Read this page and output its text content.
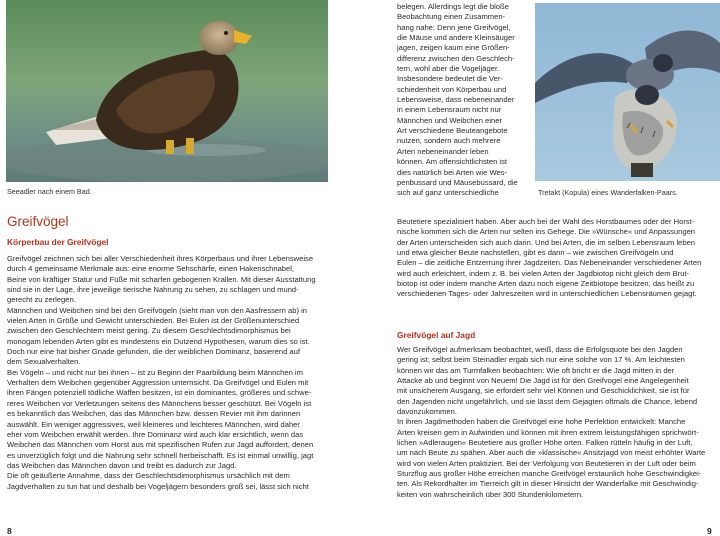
Seeadler nach einem Bad.
Greifvögel
Körperbau der Greifvögel
Greifvögel zeichnen sich bei aller Verschiedenheit ihres Körperbaus und ihrer Lebensweise
durch 4 gemeinsame Merkmale aus: eine enorme Sehschärfe, einen Hakenschnabel,
Beine von kräftiger Statur und Füße mit scharfen gebogenen Krallen. Mit dieser Ausstattung
sind sie in der Lage, ihre jeweilige tierische Nahrung zu sehen, zu schlagen und mund-
gerecht zu zerlegen.
Männchen und Weibchen sind bei den Greifvögeln (sieht man von den Aasfressern ab) in
vielen Arten in Größe und Gewicht unterschieden. Bei Eulen ist der Größenunterschied
zwischen den Geschlechtern meist gering. Zu diesem Geschlechtsdimorphismus bei
monogam lebenden Arten gibt es mindestens ein Dutzend Hypothesen, warum dies so ist.
Doch nur eine hat bisher Gnade gefunden, die der weiblichen Dominanz, basierend auf
dem Sexualverhalten.
Bei Vögeln – und nicht nur bei ihnen – ist zu Beginn der Paarbildung beim Männchen im
Verhalten dem Weibchen gegenüber Aggression unternsicht. Da Greifvögel und Eulen mit
ihren Fängen potenziell tödliche Waffen besitzen, ist ein dominantes, größeres und schwe-
reres Weibchen vor Verletzungen seitens des Männchens besser geschützt. Bei Vögeln ist
es bekanntlich das Weibchen, das das Männchen bzw. dessen Revier mit ihm darinnen
auswählt. Ein weniger aggressives, weil kleineres und leichteres Männchen, wird daher
eher vom Weibchen erwählt werden. Ihre Dominanz wird auch klar ersichtlich, wenn das
Weibchen das Männchen vom Horst aus mit spezifischen Rufen zur Jagd auffordert, denen
es unverzüglich folgt und die Nahrung sehr schnell herbeischafft. Es ist einmal unwillig, jagt
das Weibchen das Männchen davon und treibt es dadurch zur Jagd.
Die oft geäußerte Annahme, dass der Geschlechtsdimorphismus ursächlich mit dem
Jagdverhalten zu tun hat und deshalb bei Vogeljägern besonders groß sei, lässt sich nicht
8
belegen. Allerdings legt die bloße
Beobachtung einen Zusammen-
hang nahe: Denn jene Greifvögel,
die Mäuse und andere Kleinsäuger
jagen, zeigen kaum eine Größen-
differenz zwischen den Geschlech-
tern, wohl aber die Vogeljäger.
Insbesondere bedeutet die Ver-
schiedenheit von Körperbau und
Lebensweise, dass nebeneinander
in einem Lebensraum nicht nur
Männchen und Weibchen einer
Art verschiedene Beuteangebote
nutzen, sondern auch mehrere
Arten nebeneinander leben
können. Am offensichtlichsten ist
dies natürlich bei Arten wie Wes-
penbussard und Mäusebussard, die
sich auf ganz unterschiedliche	Tretakt (Kopula) eines Wanderfalken-Paars.
Beutetiere spezialisiert haben. Aber auch bei der Wahl des Horstbaumes oder der Horst-
nische kommen sich die Arten nur selten ins Gehege. Die »Wünsche« und Anpassungen
der Arten unterscheiden sich auch darin. Und bei Arten, die im selben Lebensraum leben
und etwa gleicher Beute nachstellen, gibt es dann – wie zwischen Greifvögeln und
Eulen – die zeitliche Entzerrung ihrer Jagdzeiten. Das Nebeneinander verschiedener Arten
wird auch erleichtert, indem z. B. bei vielen Arten der Jagdbiotop nicht gleich dem Brut-
biotop ist oder indem manche Arten dazu noch eigene Zeitbiotope besitzen, das heißt zu
verschiedenen Tages- oder Jahreszeiten wird in unterschiedlichen Lebensräumen gejagt.
Greifvögel auf Jagd
Wer Greifvögel aufmerksam beobachtet, weiß, dass die Erfolgsquote bei den Jagden
gering ist; selbst beim Steinadler ergab sich nur eine solche von 17 %. Am leichtesten
können wir das am Turmfalken beobachten: Wie oft bricht er die Jagd mitten in der
Attacke ab und beginnt von Neuem! Die Jagd ist für den Greifvogel eine Angelegenheit
mit unsicherem Ausgang, sie erfordert sehr viel Können und Geschicklichkeit, sie ist für
den Jagenden nicht ungefährlich, und sie lässt dem Gejagten oftmals die Chance, lebend
davonzukommen.
In ihren Jagdmethoden haben die Greifvögel eine hohe Perfektion entwickelt: Manche
Arten kreisen gern in Aufwinden und können mit ihren extrem leistungsfähigen sprichwört-
lichen »Adleraugen« Beutetiere aus großer Höhe orten. Falken rütteln häufig in der Luft,
um nach Beute zu spähen. Aber auch die »klassische« Ansitzjagd von meist erhöhter Warte
wird von vielen Arten praktiziert. Bei der Verfolgung von Beutetieren in der Luft oder beim
Sturzflug aus großer Höhe erreichen manche Greifvögel erstaunlich hohe Geschwindigkei-
ten. Als Rekordhalter im Tierreich gilt in dieser Hinsicht der Wanderfalke mit Geschwindig-
keiten von wahrscheinlich über 300 Stundenkilometern.
9
